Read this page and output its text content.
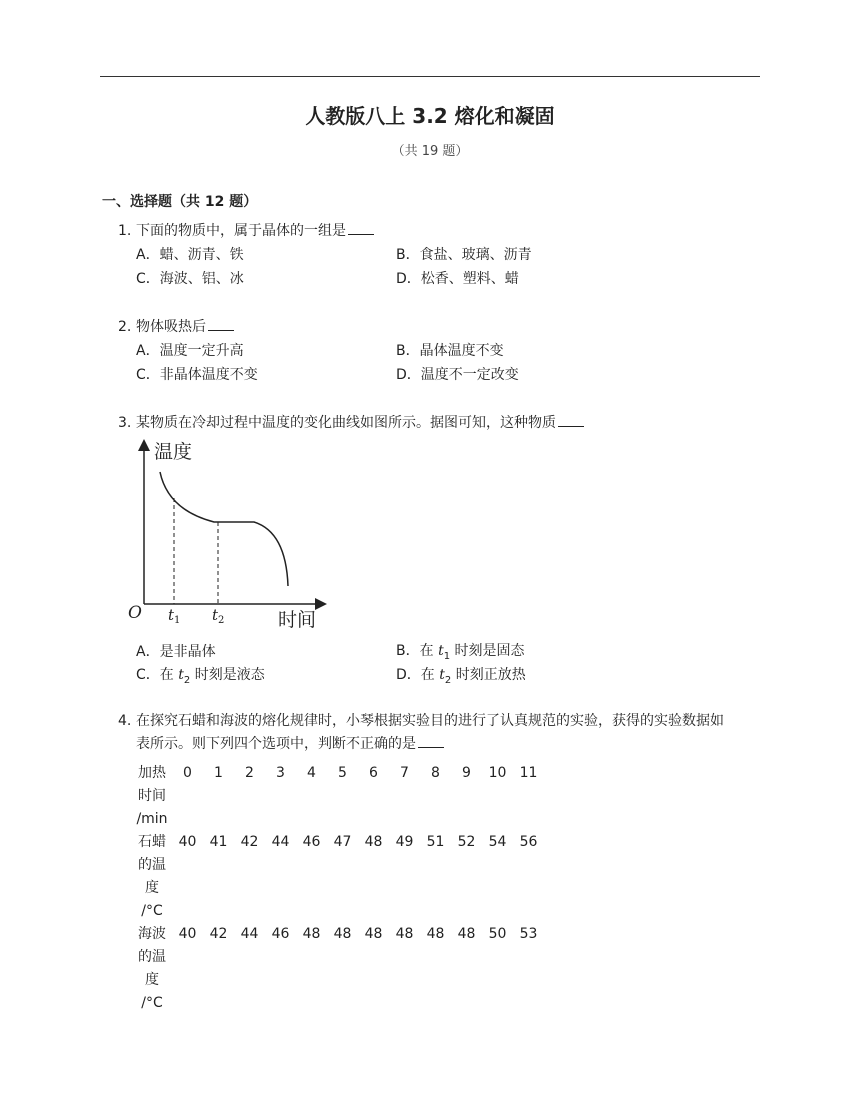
人教版八上 3.2 熔化和凝固
（共 19 题）
一、选择题（共 12 题）
1. 下面的物质中，属于晶体的一组是
A．蜡、沥青、铁	B．食盐、玻璃、沥青
C．海波、铝、冰	D．松香、塑料、蜡
2. 物体吸热后
A．温度一定升高	B．晶体温度不变
C．非晶体温度不变	D．温度不一定改变
3. 某物质在冷却过程中温度的变化曲线如图所示。据图可知，这种物质
温度
时间
O $t_1$ $t_2$
A．是非晶体	B．在 $t_1$ 时刻是固态
C．在 $t_2$ 时刻是液态	D．在 $t_2$ 时刻正放热
4. 在探究石蜡和海波的熔化规律时，小琴根据实验目的进行了认真规范的实验，获得的实验数据如
表所示。则下列四个选项中，判断不正确的是
加热
时间
/min	0	1	2	3	4	5	6	7	8	9	10	11

石蜡
的温
度
/°C	40	41	42	44	46	47	48	49	51	52	54	56

海波
的温
度
/°C	40	42	44	46	48	48	48	48	48	48	50	53
